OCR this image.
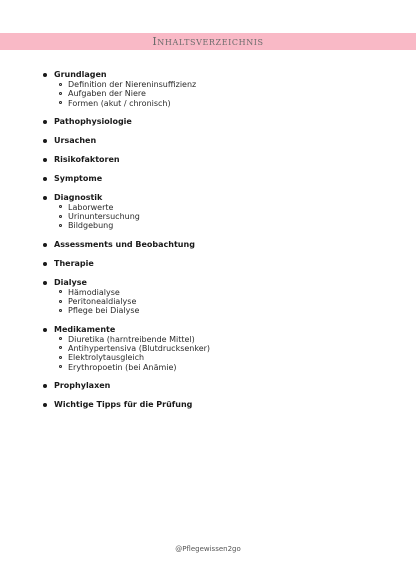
Inhaltsverzeichnis
Grundlagen
Definition der Niereninsuffizienz
Aufgaben der Niere
Formen (akut / chronisch)
Pathophysiologie
Ursachen
Risikofaktoren
Symptome
Diagnostik
Laborwerte
Urinuntersuchung
Bildgebung
Assessments und Beobachtung
Therapie
Dialyse
Hämodialyse
Peritonealdialyse
Pflege bei Dialyse
Medikamente
Diuretika (harntreibende Mittel)
Antihypertensiva (Blutdrucksenker)
Elektrolytausgleich
Erythropoetin (bei Anämie)
Prophylaxen
Wichtige Tipps für die Prüfung
@Pflegewissen2go
